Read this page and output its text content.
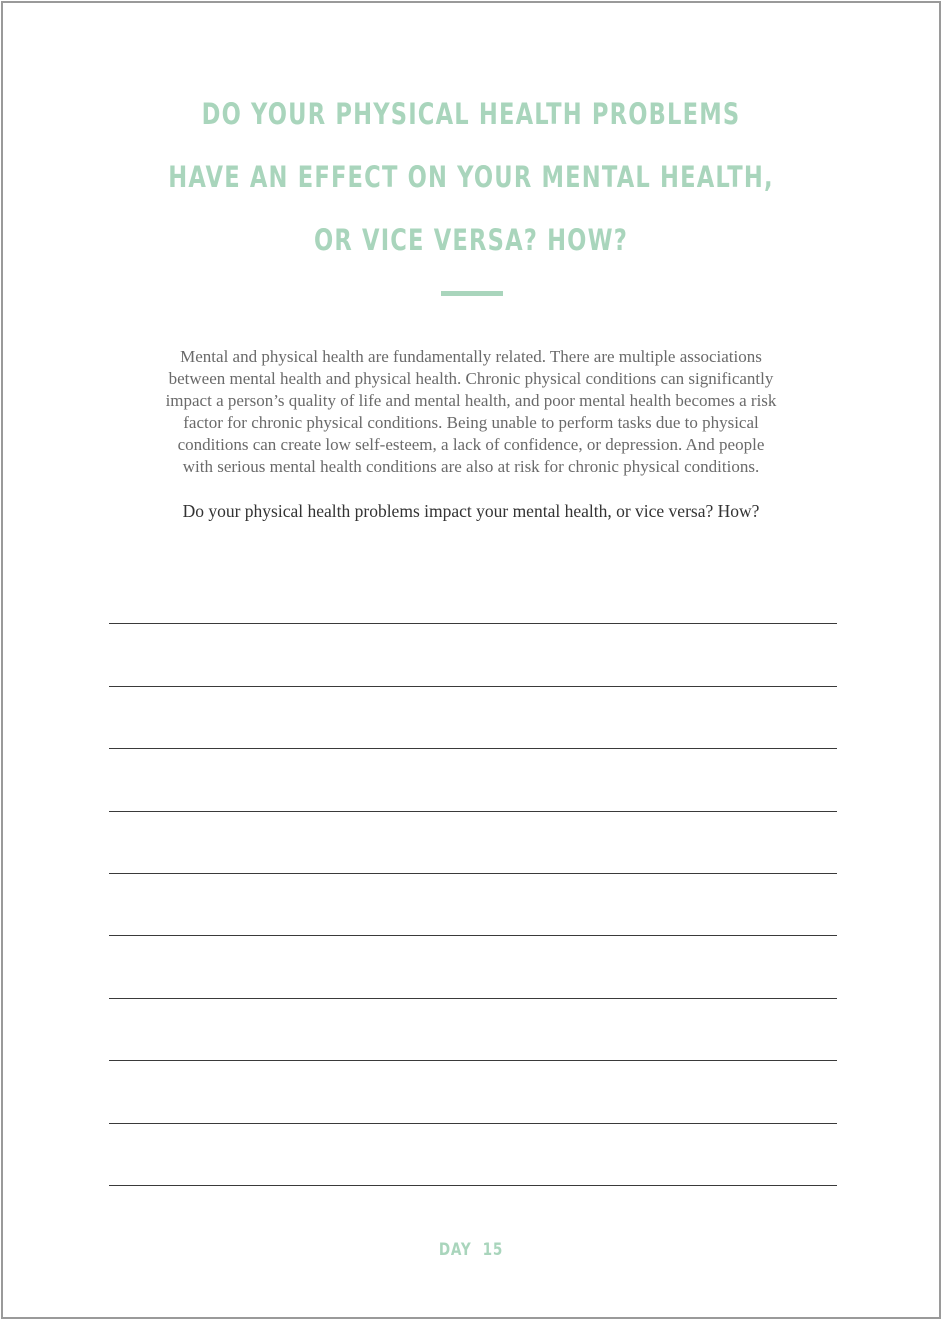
DO YOUR PHYSICAL HEALTH PROBLEMS
HAVE AN EFFECT ON YOUR MENTAL HEALTH,
OR VICE VERSA? HOW?

Mental and physical health are fundamentally related. There are multiple associations
between mental health and physical health. Chronic physical conditions can significantly
impact a person’s quality of life and mental health, and poor mental health becomes a risk
factor for chronic physical conditions. Being unable to perform tasks due to physical
conditions can create low self-esteem, a lack of confidence, or depression. And people
with serious mental health conditions are also at risk for chronic physical conditions.

Do your physical health problems impact your mental health, or vice versa? How?

DAY 15
